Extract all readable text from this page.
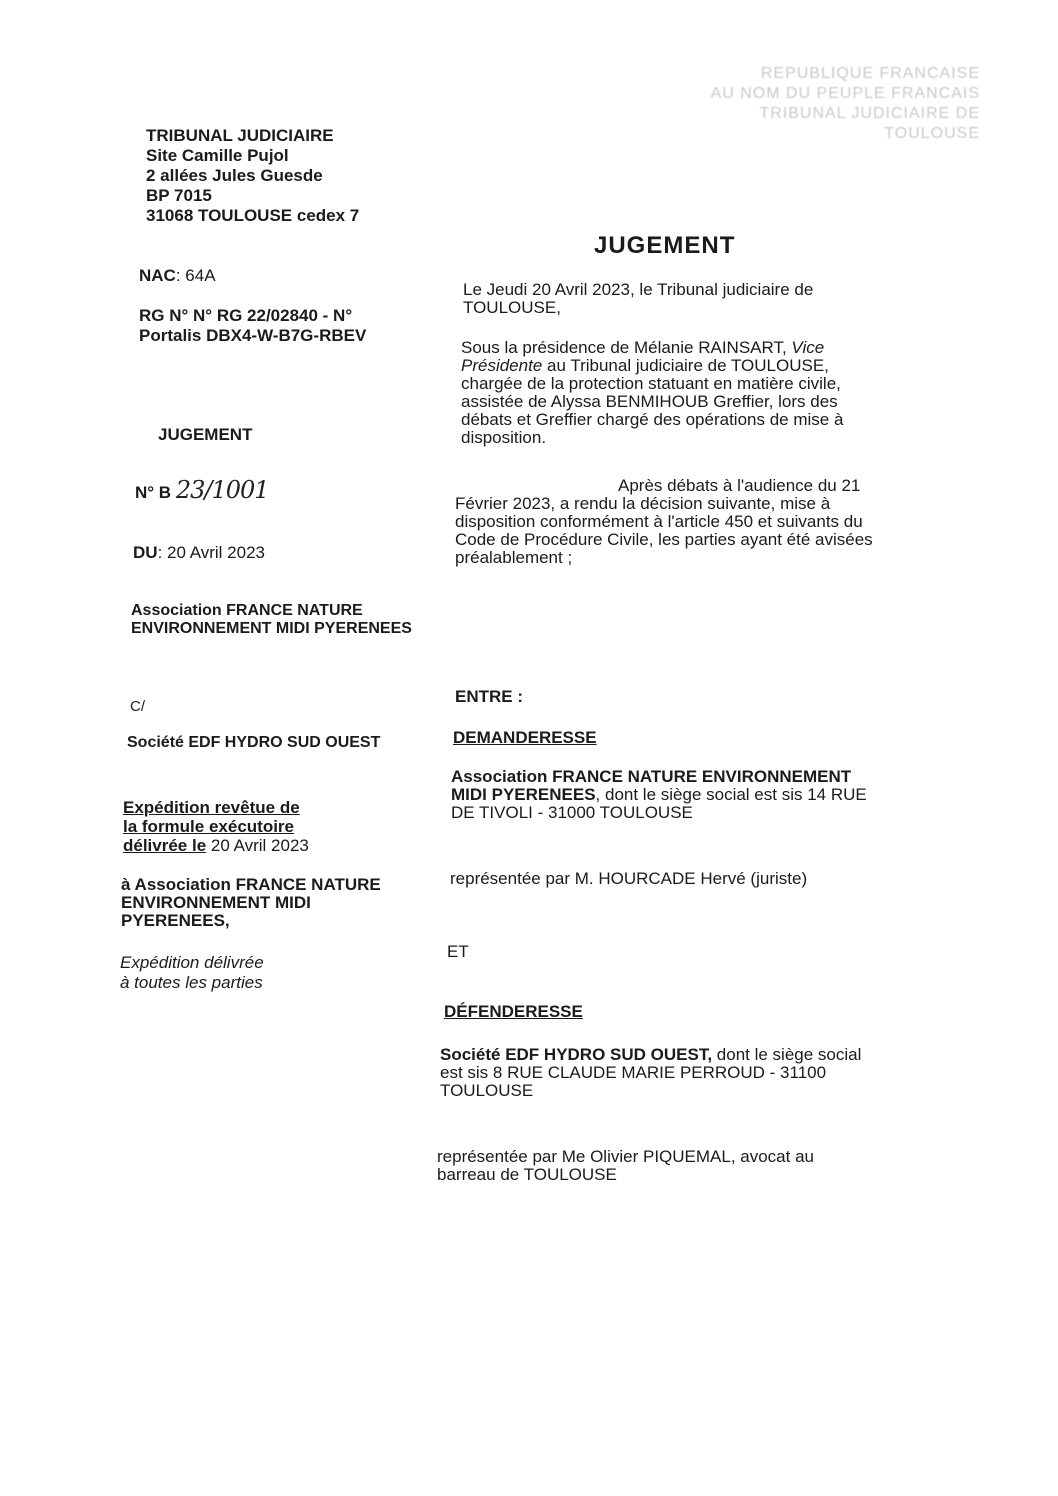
REPUBLIQUE FRANCAISE
AU NOM DU PEUPLE FRANCAIS
TRIBUNAL JUDICIAIRE DE
TOULOUSE
TRIBUNAL JUDICIAIRE
Site Camille Pujol
2 allées Jules Guesde
BP 7015
31068 TOULOUSE cedex 7
JUGEMENT
NAC: 64A
RG N° N° RG 22/02840 - N°
Portalis DBX4-W-B7G-RBEV
JUGEMENT
N° B 23/1001
DU: 20 Avril 2023
Association FRANCE NATURE
ENVIRONNEMENT MIDI PYERENEES
C/
Société EDF HYDRO SUD OUEST
Expédition revêtue de
la formule exécutoire
délivrée le 20 Avril 2023
à Association FRANCE NATURE
ENVIRONNEMENT MIDI
PYERENEES,
Expédition délivrée
à toutes les parties
Le Jeudi 20 Avril 2023, le Tribunal judiciaire de
TOULOUSE,
Sous la présidence de Mélanie RAINSART, Vice
Présidente au Tribunal judiciaire de TOULOUSE,
chargée de la protection statuant en matière civile,
assistée de Alyssa BENMIHOUB Greffier, lors des
débats et Greffier chargé des opérations de mise à
disposition.
Après débats à l'audience du 21
Février 2023, a rendu la décision suivante, mise à
disposition conformément à l'article 450 et suivants du
Code de Procédure Civile, les parties ayant été avisées
préalablement ;
ENTRE :
DEMANDERESSE
Association FRANCE NATURE ENVIRONNEMENT
MIDI PYERENEES, dont le siège social est sis 14 RUE
DE TIVOLI - 31000 TOULOUSE
représentée par M. HOURCADE Hervé (juriste)
ET
DÉFENDERESSE
Société EDF HYDRO SUD OUEST, dont le siège social
est sis 8 RUE CLAUDE MARIE PERROUD - 31100
TOULOUSE
représentée par Me Olivier PIQUEMAL, avocat au
barreau de TOULOUSE
